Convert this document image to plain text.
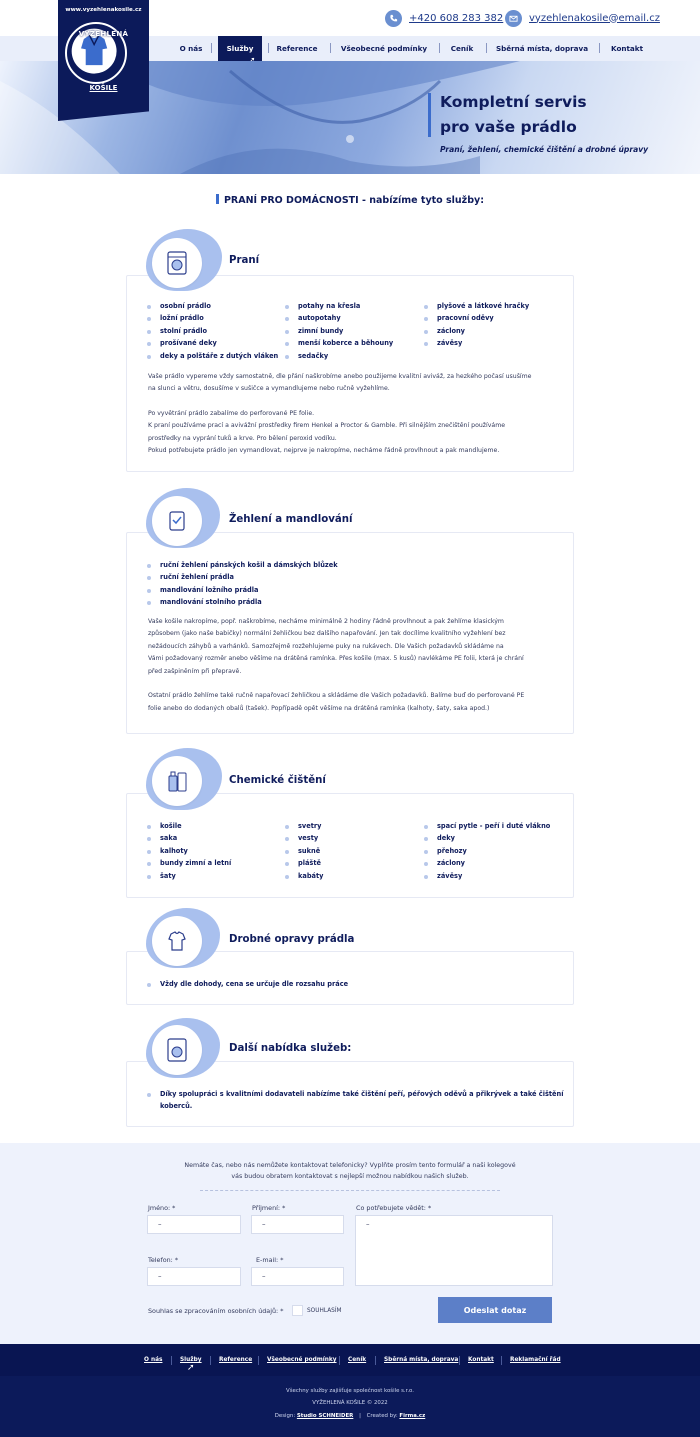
+420 608 283 382	vyzehlenakosile@email.cz
O nás	Služby	Reference	Všeobecné podmínky	Ceník	Sběrná místa, doprava	Kontakt
Kompletní servis
pro vaše prádlo
Praní, žehlení, chemické čištění a drobné úpravy
www.vyzehlenakosile.cz
VYŽEHLENÁ
KOŠILE
PRANÍ PRO DOMÁCNOSTI - nabízíme tyto služby:
Praní
osobní prádlo
ložní prádlo
stolní prádlo
prošívané deky
deky a polštáře z dutých vláken
potahy na křesla
autopotahy
zimní bundy
menší koberce a běhouny
sedačky
plyšové a látkové hračky
pracovní oděvy
záclony
závěsy
Vaše prádlo vypereme vždy samostatně, dle přání naškrobíme anebo použijeme kvalitní aviváž, za hezkého počasí usušíme
na slunci a větru, dosušíme v sušičce a vymandlujeme nebo ručně vyžehlíme.
Po vyvětrání prádlo zabalíme do perforované PE folie.
K praní používáme prací a avivážní prostředky firem Henkel a Proctor & Gamble. Při silnějším znečištění používáme
prostředky na vyprání tuků a krve. Pro bělení peroxid vodíku.
Pokud potřebujete prádlo jen vymandlovat, nejprve je nakropíme, necháme řádně provlhnout a pak mandlujeme.
Žehlení a mandlování
ruční žehlení pánských košil a dámských blůzek
ruční žehlení prádla
mandlování ložního prádla
mandlování stolního prádla
Vaše košile nakropíme, popř. naškrobíme, necháme minimálně 2 hodiny řádně provlhnout a pak žehlíme klasickým
způsobem (jako naše babičky) normální žehličkou bez dalšího napařování. Jen tak docílíme kvalitního vyžehlení bez
nežádoucích záhybů a varhánků. Samozřejmě rozžehlujeme puky na rukávech. Dle Vašich požadavků skládáme na
Vámi požadovaný rozměr anebo věšíme na drátěná ramínka. Přes košile (max. 5 kusů) navlékáme PE folii, která je chrání
před zašpiněním při přepravě.
Ostatní prádlo žehlíme také ručně napařovací žehličkou a skládáme dle Vašich požadavků. Balíme buď do perforované PE
folie anebo do dodaných obalů (tašek). Popřípadě opět věšíme na drátěná ramínka (kalhoty, šaty, saka apod.)
Chemické čištění
košile
saka
kalhoty
bundy zimní a letní
šaty
svetry
vesty
sukně
pláště
kabáty
spací pytle - peří i duté vlákno
deky
přehozy
záclony
závěsy
Drobné opravy prádla
Vždy dle dohody, cena se určuje dle rozsahu práce
Další nabídka služeb:
Díky spolupráci s kvalitními dodavateli nabízíme také čištění peří, péřových oděvů a přikrývek a také čištění
koberců.
Nemáte čas, nebo nás nemůžete kontaktovat telefonicky? Vyplňte prosím tento formulář a naši kolegové
vás budou obratem kontaktovat s nejlepší možnou nabídkou našich služeb.
Jméno: *
–
Příjmení: *
–
Co potřebujete vědět: *
–
Telefon: *
–
E-mail: *
–
Souhlas se zpracováním osobních údajů: *	SOUHLASÍM	Odeslat dotaz
O nás	Služby	Reference	Všeobecné podmínky Ceník	Sběrná místa, doprava Kontakt	Reklamační řád
➚
Všechny služby zajišťuje společnost košile s.r.o.
VYŽEHLENÁ KOŠILE © 2022
Design: Studio SCHNEIDER | Created by: Firma.cz
